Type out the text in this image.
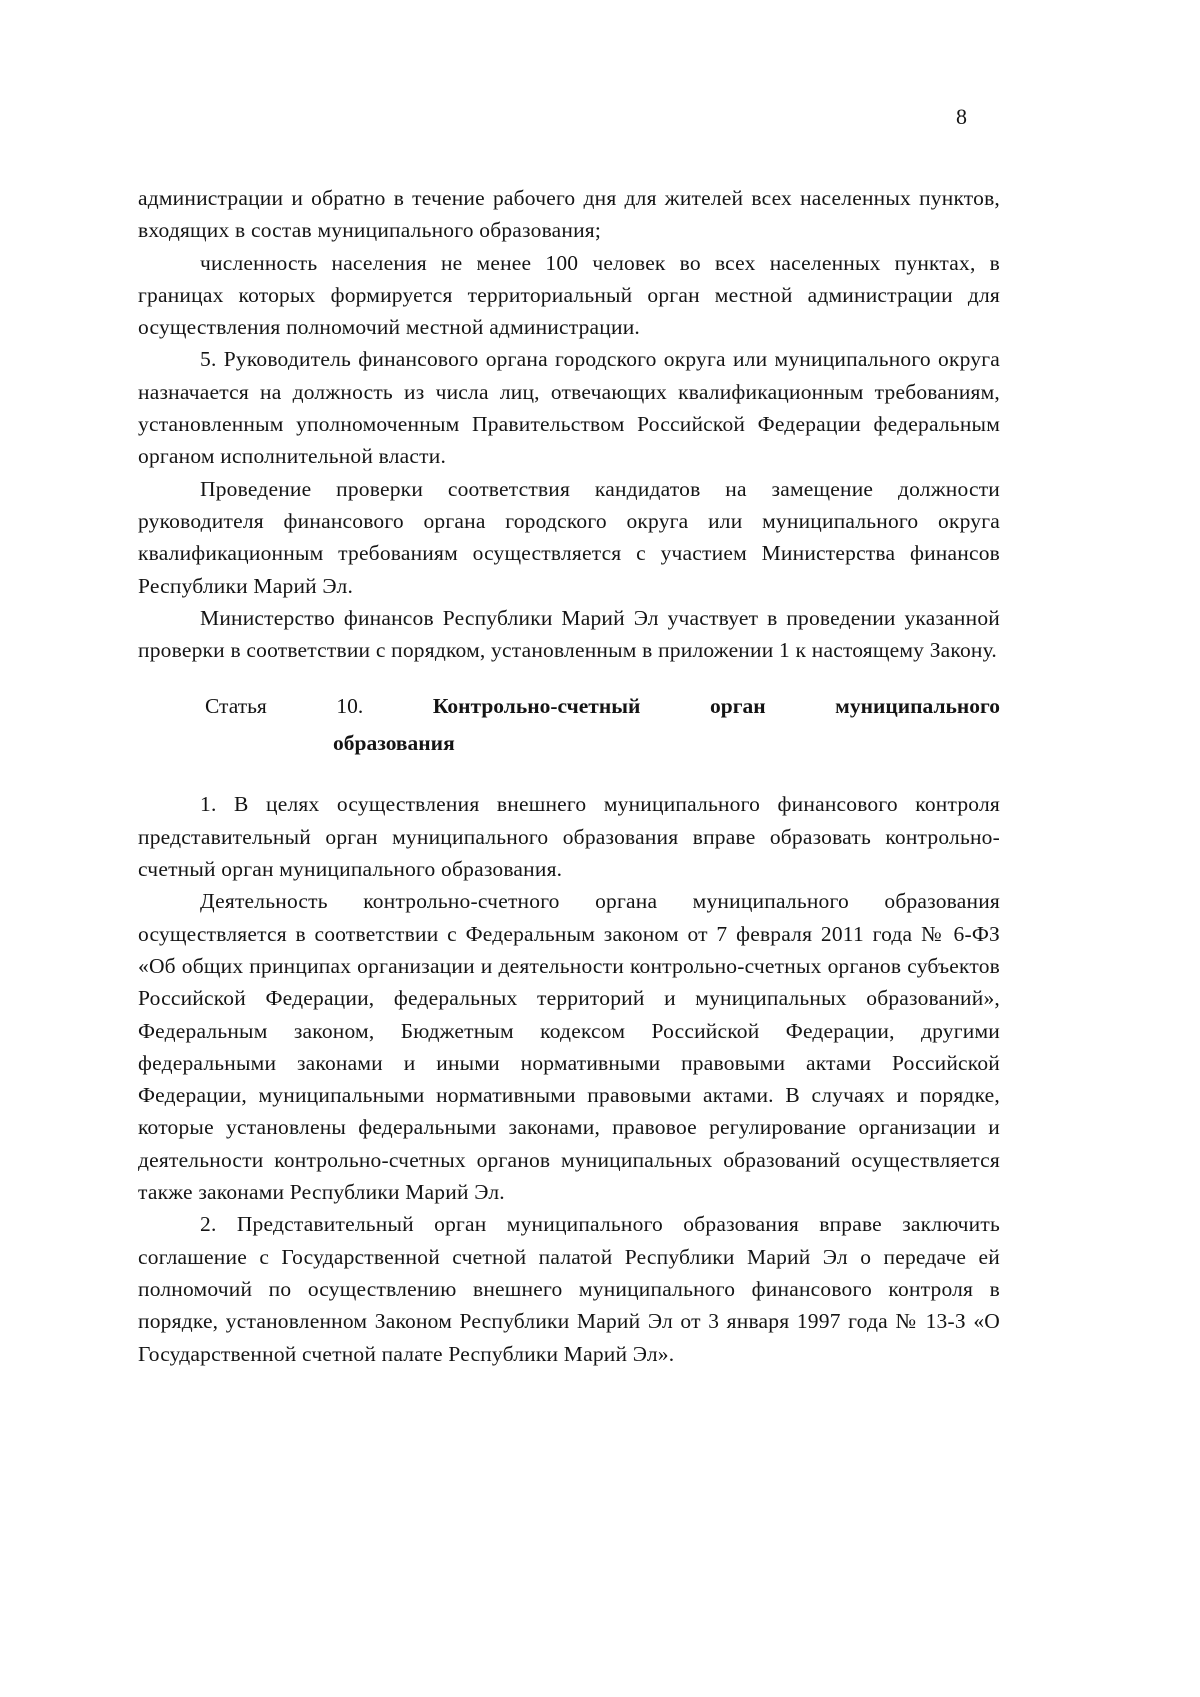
8

администрации и обратно в течение рабочего дня для жителей всех населенных пунктов, входящих в состав муниципального образования;

численность населения не менее 100 человек во всех населенных пунктах, в границах которых формируется территориальный орган местной администрации для осуществления полномочий местной администрации.

5. Руководитель финансового органа городского округа или муниципального округа назначается на должность из числа лиц, отвечающих квалификационным требованиям, установленным уполномоченным Правительством Российской Федерации федеральным органом исполнительной власти.

Проведение проверки соответствия кандидатов на замещение должности руководителя финансового органа городского округа или муниципального округа квалификационным требованиям осуществляется с участием Министерства финансов Республики Марий Эл.

Министерство финансов Республики Марий Эл участвует в проведении указанной проверки в соответствии с порядком, установленным в приложении 1 к настоящему Закону.

Статья 10.	Контрольно-счетный орган муниципального образования

1. В целях осуществления внешнего муниципального финансового контроля представительный орган муниципального образования вправе образовать контрольно-счетный орган муниципального образования.

Деятельность контрольно-счетного органа муниципального образования осуществляется в соответствии с Федеральным законом от 7 февраля 2011 года № 6-ФЗ «Об общих принципах организации и деятельности контрольно-счетных органов субъектов Российской Федерации, федеральных территорий и муниципальных образований», Федеральным законом, Бюджетным кодексом Российской Федерации, другими федеральными законами и иными нормативными правовыми актами Российской Федерации, муниципальными нормативными правовыми актами. В случаях и порядке, которые установлены федеральными законами, правовое регулирование организации и деятельности контрольно-счетных органов муниципальных образований осуществляется также законами Республики Марий Эл.

2. Представительный орган муниципального образования вправе заключить соглашение с Государственной счетной палатой Республики Марий Эл о передаче ей полномочий по осуществлению внешнего муниципального финансового контроля в порядке, установленном Законом Республики Марий Эл от 3 января 1997 года № 13-З «О Государственной счетной палате Республики Марий Эл».
